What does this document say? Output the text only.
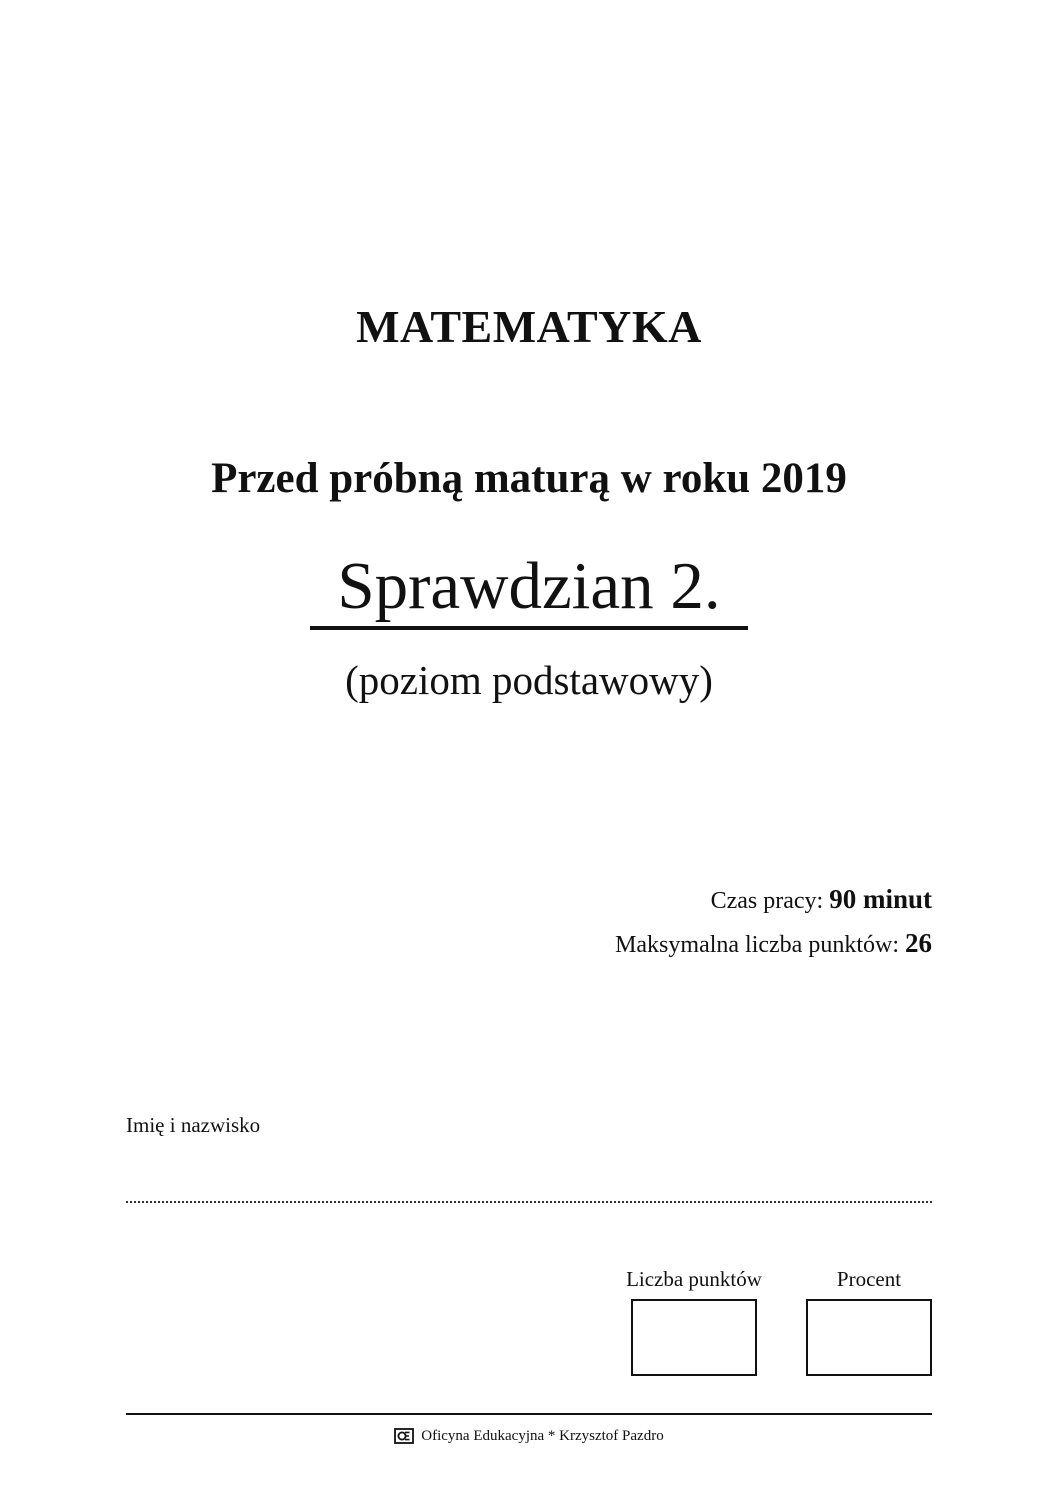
MATEMATYKA
Przed próbną maturą w roku 2019
Sprawdzian 2.
(poziom podstawowy)
Czas pracy: 90 minut
Maksymalna liczba punktów: 26
Imię i nazwisko
Liczba punktów	Procent
Oficyna Edukacyjna * Krzysztof Pazdro
